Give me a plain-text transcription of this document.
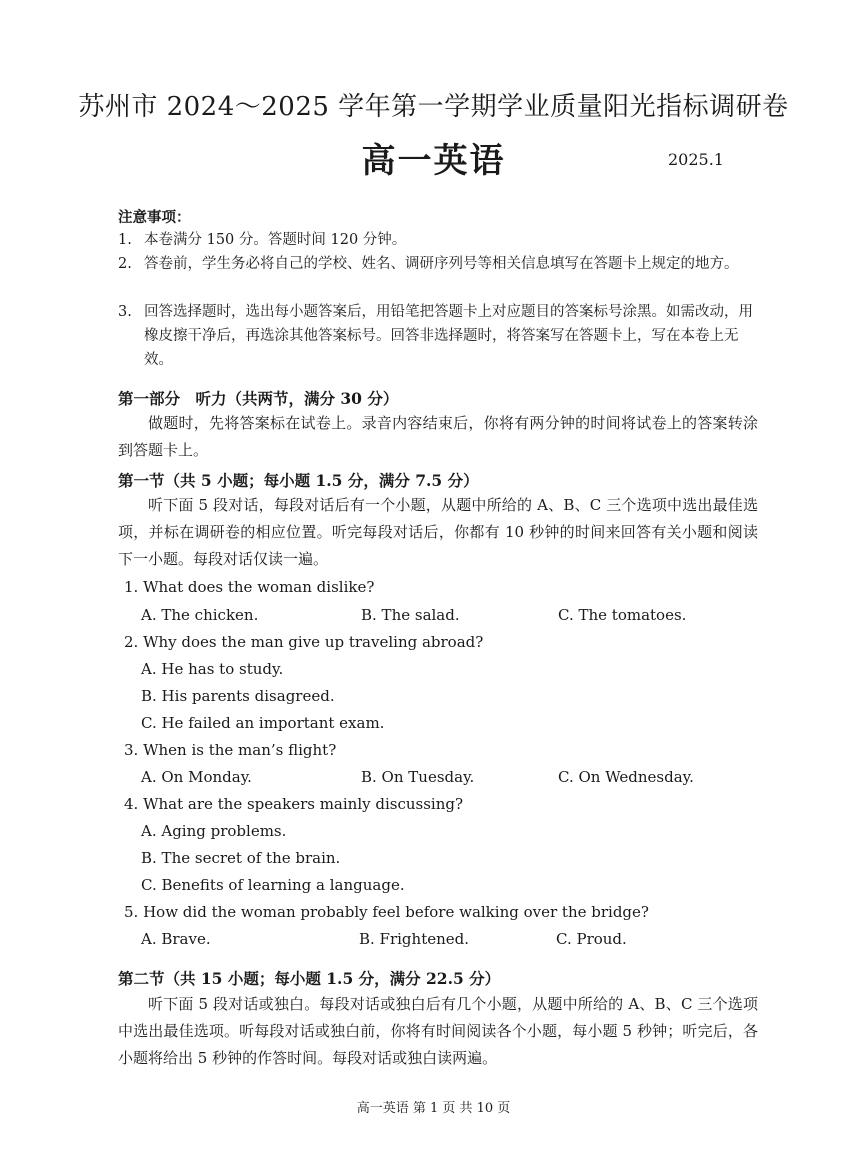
苏州市 2024～2025 学年第一学期学业质量阳光指标调研卷
高一英语	2025.1
注意事项：
1. 本卷满分 150 分。答题时间 120 分钟。
2. 答卷前，学生务必将自己的学校、姓名、调研序列号等相关信息填写在答题卡上规定的地方。
3. 回答选择题时，选出每小题答案后，用铅笔把答题卡上对应题目的答案标号涂黑。如需改动，用橡皮擦干净后，再选涂其他答案标号。回答非选择题时，将答案写在答题卡上，写在本卷上无效。
第一部分　听力（共两节，满分 30 分）
做题时，先将答案标在试卷上。录音内容结束后，你将有两分钟的时间将试卷上的答案转涂到答题卡上。
第一节（共 5 小题；每小题 1.5 分，满分 7.5 分）
听下面 5 段对话，每段对话后有一个小题，从题中所给的 A、B、C 三个选项中选出最佳选项，并标在调研卷的相应位置。听完每段对话后，你都有 10 秒钟的时间来回答有关小题和阅读下一小题。每段对话仅读一遍。
1. What does the woman dislike?
A. The chicken.	B. The salad.	C. The tomatoes.
2. Why does the man give up traveling abroad?
A. He has to study.
B. His parents disagreed.
C. He failed an important exam.
3. When is the man’s flight?
A. On Monday.	B. On Tuesday.	C. On Wednesday.
4. What are the speakers mainly discussing?
A. Aging problems.
B. The secret of the brain.
C. Benefits of learning a language.
5. How did the woman probably feel before walking over the bridge?
A. Brave.	B. Frightened.	C. Proud.
第二节（共 15 小题；每小题 1.5 分，满分 22.5 分）
听下面 5 段对话或独白。每段对话或独白后有几个小题，从题中所给的 A、B、C 三个选项中选出最佳选项。听每段对话或独白前，你将有时间阅读各个小题，每小题 5 秒钟；听完后，各小题将给出 5 秒钟的作答时间。每段对话或独白读两遍。
高一英语 第 1 页 共 10 页
